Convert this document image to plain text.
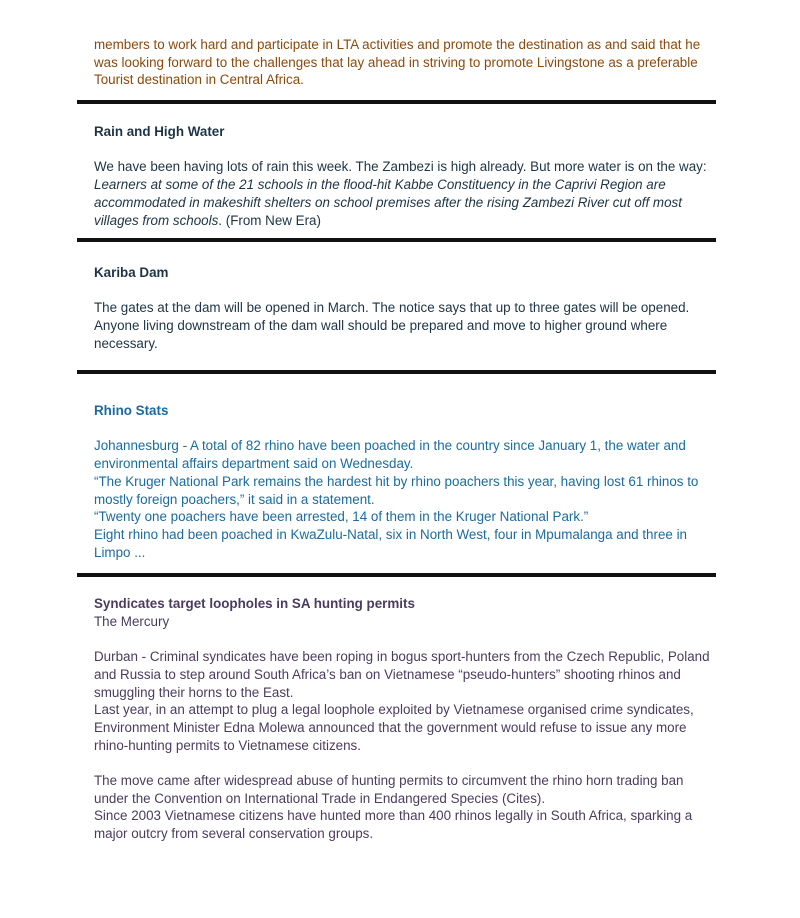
members to work hard and participate in LTA activities and promote the destination as and said that he was looking forward to the challenges that lay ahead in striving to promote Livingstone as a preferable Tourist destination in Central Africa.

Rain and High Water

We have been having lots of rain this week. The Zambezi is high already. But more water is on the way: Learners at some of the 21 schools in the flood-hit Kabbe Constituency in the Caprivi Region are accommodated in makeshift shelters on school premises after the rising Zambezi River cut off most villages from schools. (From New Era)

Kariba Dam

The gates at the dam will be opened in March. The notice says that up to three gates will be opened. Anyone living downstream of the dam wall should be prepared and move to higher ground where necessary.

Rhino Stats

Johannesburg - A total of 82 rhino have been poached in the country since January 1, the water and environmental affairs department said on Wednesday.

“The Kruger National Park remains the hardest hit by rhino poachers this year, having lost 61 rhinos to mostly foreign poachers,” it said in a statement.

“Twenty one poachers have been arrested, 14 of them in the Kruger National Park.”

Eight rhino had been poached in KwaZulu-Natal, six in North West, four in Mpumalanga and three in Limpo ...

Syndicates target loopholes in SA hunting permits

The Mercury

Durban - Criminal syndicates have been roping in bogus sport-hunters from the Czech Republic, Poland and Russia to step around South Africa’s ban on Vietnamese “pseudo-hunters” shooting rhinos and smuggling their horns to the East.

Last year, in an attempt to plug a legal loophole exploited by Vietnamese organised crime syndicates, Environment Minister Edna Molewa announced that the government would refuse to issue any more rhino-hunting permits to Vietnamese citizens.

The move came after widespread abuse of hunting permits to circumvent the rhino horn trading ban under the Convention on International Trade in Endangered Species (Cites).

Since 2003 Vietnamese citizens have hunted more than 400 rhinos legally in South Africa, sparking a major outcry from several conservation groups.
